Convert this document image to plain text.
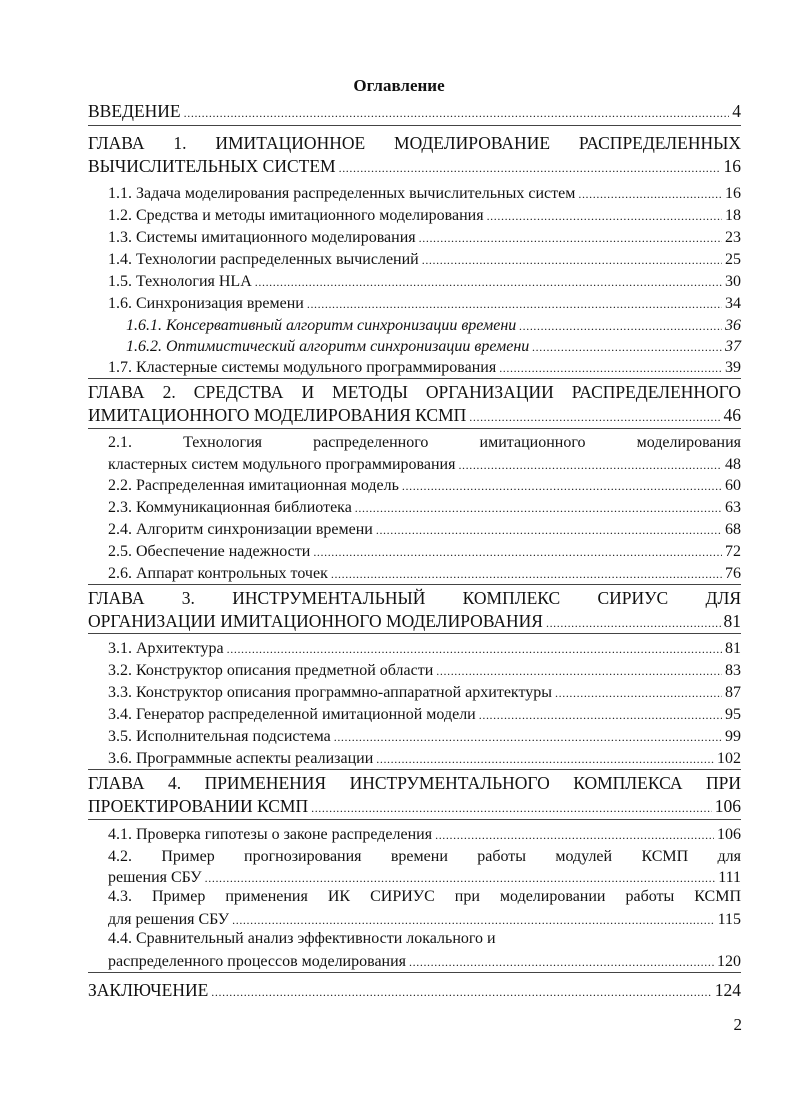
Оглавление
ВВЕДЕНИЕ .....	4
ГЛАВА 1. ИМИТАЦИОННОЕ МОДЕЛИРОВАНИЕ РАСПРЕДЕЛЕННЫХ
ВЫЧИСЛИТЕЛЬНЫХ СИСТЕМ .....	16
1.1. Задача моделирования распределенных вычислительных систем .....	16
1.2. Средства и методы имитационного моделирования .....	18
1.3. Системы имитационного моделирования .....	23
1.4. Технологии распределенных вычислений .....	25
1.5. Технология HLA .....	30
1.6. Синхронизация времени .....	34
1.6.1. Консервативный алгоритм синхронизации времени .....	36
1.6.2. Оптимистический алгоритм синхронизации времени .....	37
1.7. Кластерные системы модульного программирования .....	39
ГЛАВА 2. СРЕДСТВА И МЕТОДЫ ОРГАНИЗАЦИИ РАСПРЕДЕЛЕННОГО
ИМИТАЦИОННОГО МОДЕЛИРОВАНИЯ КСМП .....	46
2.1. Технология распределенного имитационного моделирования
кластерных систем модульного программирования .....	48
2.2. Распределенная имитационная модель .....	60
2.3. Коммуникационная библиотека .....	63
2.4. Алгоритм синхронизации времени .....	68
2.5. Обеспечение надежности .....	72
2.6. Аппарат контрольных точек .....	76
ГЛАВА 3. ИНСТРУМЕНТАЛЬНЫЙ КОМПЛЕКС СИРИУС ДЛЯ
ОРГАНИЗАЦИИ ИМИТАЦИОННОГО МОДЕЛИРОВАНИЯ .....	81
3.1. Архитектура .....	81
3.2. Конструктор описания предметной области .....	83
3.3. Конструктор описания программно-аппаратной архитектуры .....	87
3.4. Генератор распределенной имитационной модели .....	95
3.5. Исполнительная подсистема .....	99
3.6. Программные аспекты реализации .....	102
ГЛАВА 4. ПРИМЕНЕНИЯ ИНСТРУМЕНТАЛЬНОГО КОМПЛЕКСА ПРИ
ПРОЕКТИРОВАНИИ КСМП .....	106
4.1. Проверка гипотезы о законе распределения .....	106
4.2. Пример прогнозирования времени работы модулей КСМП для
решения СБУ .....	111
4.3. Пример применения ИК СИРИУС при моделировании работы КСМП
для решения СБУ .....	115
4.4. Сравнительный анализ эффективности локального и
распределенного процессов моделирования .....	120
ЗАКЛЮЧЕНИЕ .....	124
2
